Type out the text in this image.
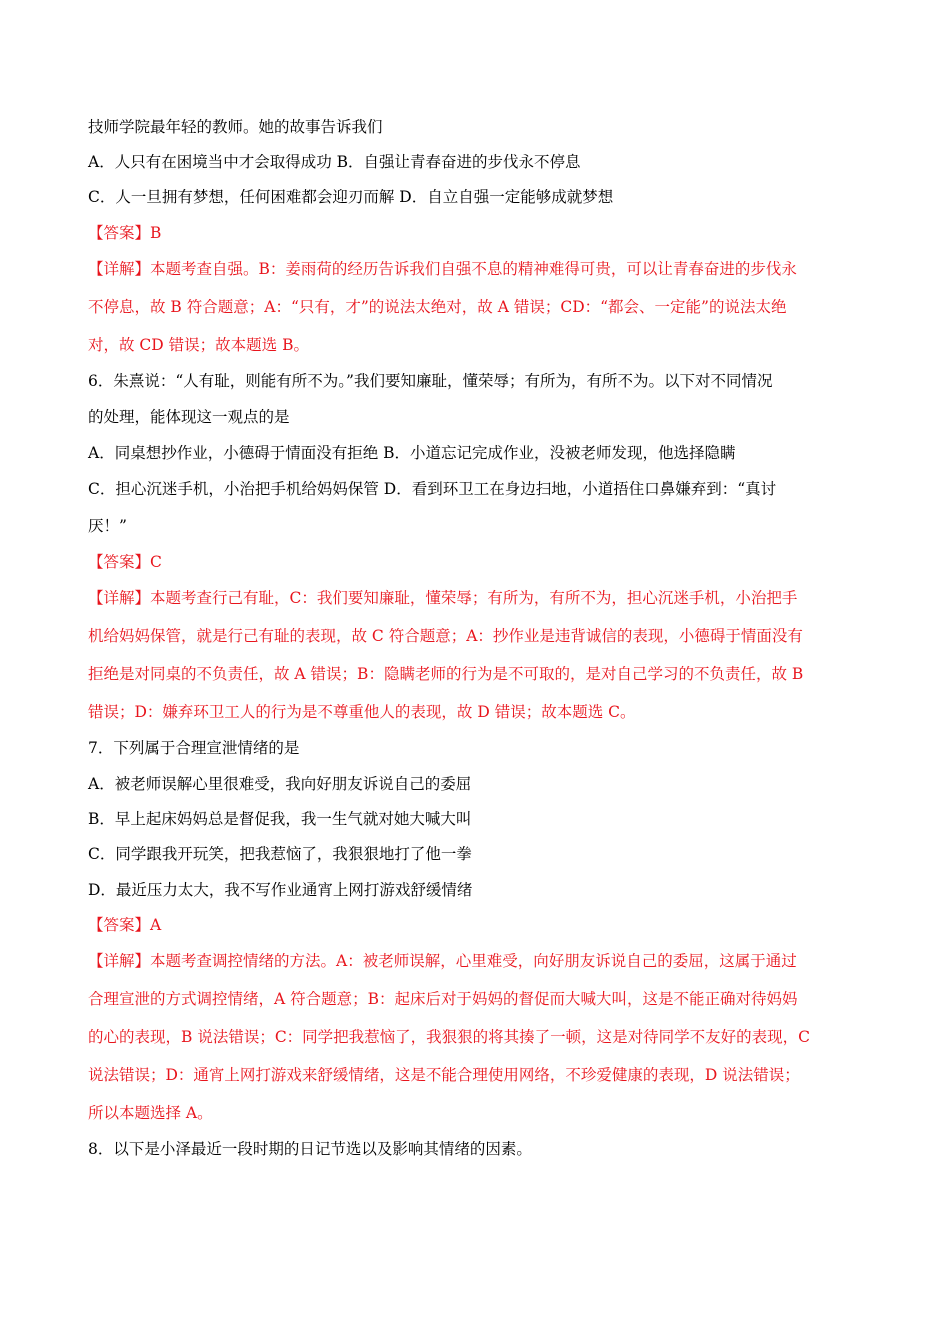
技师学院最年轻的教师。她的故事告诉我们
A．人只有在困境当中才会取得成功 B．自强让青春奋进的步伐永不停息
C．人一旦拥有梦想，任何困难都会迎刃而解 D．自立自强一定能够成就梦想
【答案】B
【详解】本题考查自强。B：姜雨荷的经历告诉我们自强不息的精神难得可贵，可以让青春奋进的步伐永
不停息，故 B 符合题意；A：“只有，才”的说法太绝对，故 A 错误；CD：“都会、一定能”的说法太绝
对，故 CD 错误；故本题选 B。
6．朱熹说：“人有耻，则能有所不为。”我们要知廉耻，懂荣辱；有所为，有所不为。以下对不同情况
的处理，能体现这一观点的是
A．同桌想抄作业，小德碍于情面没有拒绝 B．小道忘记完成作业，没被老师发现，他选择隐瞒
C．担心沉迷手机，小治把手机给妈妈保管 D．看到环卫工在身边扫地，小道捂住口鼻嫌弃到：“真讨
厌！”
【答案】C
【详解】本题考查行己有耻，C：我们要知廉耻，懂荣辱；有所为，有所不为，担心沉迷手机，小治把手
机给妈妈保管，就是行己有耻的表现，故 C 符合题意；A：抄作业是违背诚信的表现，小德碍于情面没有
拒绝是对同桌的不负责任，故 A 错误；B：隐瞒老师的行为是不可取的，是对自己学习的不负责任，故 B
错误；D：嫌弃环卫工人的行为是不尊重他人的表现，故 D 错误；故本题选 C。
7．下列属于合理宣泄情绪的是
A．被老师误解心里很难受，我向好朋友诉说自己的委屈
B．早上起床妈妈总是督促我，我一生气就对她大喊大叫
C．同学跟我开玩笑，把我惹恼了，我狠狠地打了他一拳
D．最近压力太大，我不写作业通宵上网打游戏舒缓情绪
【答案】A
【详解】本题考查调控情绪的方法。A：被老师误解，心里难受，向好朋友诉说自己的委屈，这属于通过
合理宣泄的方式调控情绪，A 符合题意；B：起床后对于妈妈的督促而大喊大叫，这是不能正确对待妈妈
的心的表现，B 说法错误；C：同学把我惹恼了，我狠狠的将其揍了一顿，这是对待同学不友好的表现，C
说法错误；D：通宵上网打游戏来舒缓情绪，这是不能合理使用网络，不珍爱健康的表现，D 说法错误；
所以本题选择 A。
8．以下是小泽最近一段时期的日记节选以及影响其情绪的因素。
